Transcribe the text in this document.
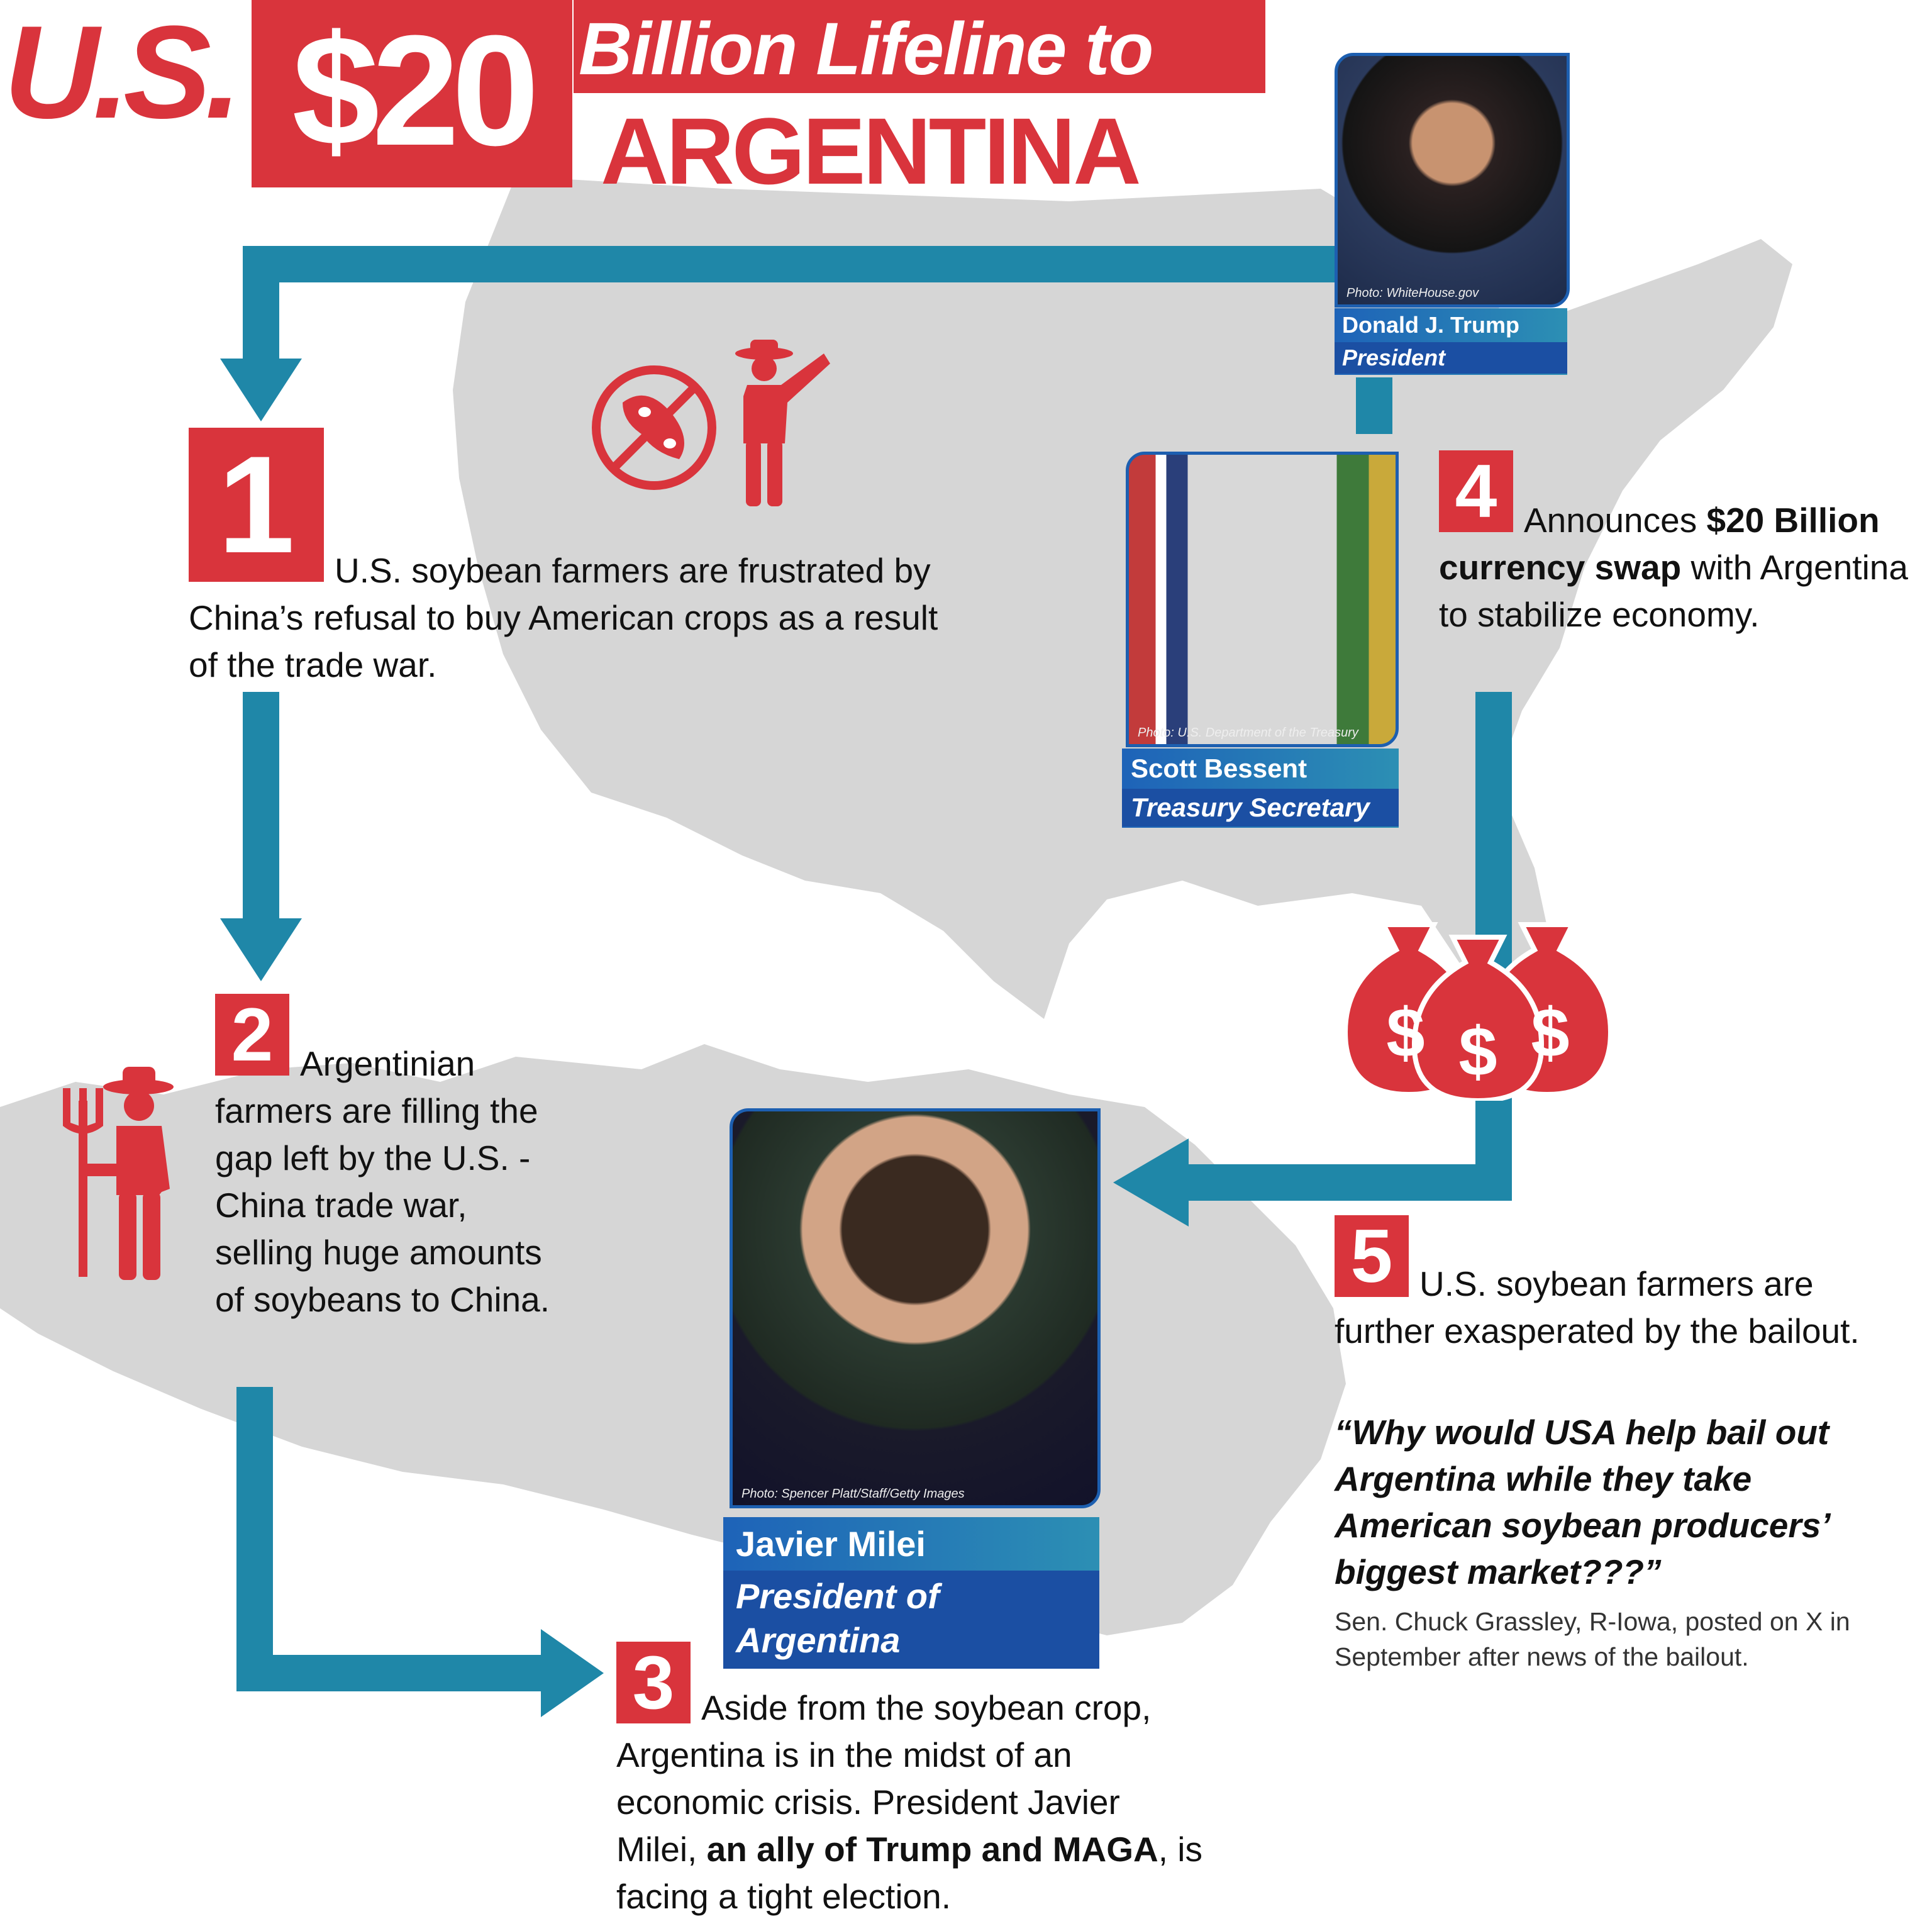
U.S. $20 Billion Lifeline to
ARGENTINA
1	U.S. soybean farmers are frustrated by China’s refusal to buy American crops as a result of the trade war.
2 Argentinian farmers are filling the gap left by the U.S. - China trade war, selling huge amounts of soybeans to China.
3 Aside from the soybean crop, Argentina is in the midst of an economic crisis. President Javier Milei, an ally of Trump and MAGA, is facing a tight election.
4 Announces $20 Billion currency swap with Argentina to stabilize economy.
$ $ $
5 U.S. soybean farmers are further exasperated by the bailout.
“Why would USA help bail out Argentina while they take American soybean producers’ biggest market???”
Sen. Chuck Grassley, R-Iowa, posted on X in September after news of the bailout.
Photo: WhiteHouse.gov
Donald J. Trump
President
Photo: U.S. Department of the Treasury
Scott Bessent
Treasury Secretary
Photo: Spencer Platt/Staff/Getty Images
Javier Milei
President of Argentina
